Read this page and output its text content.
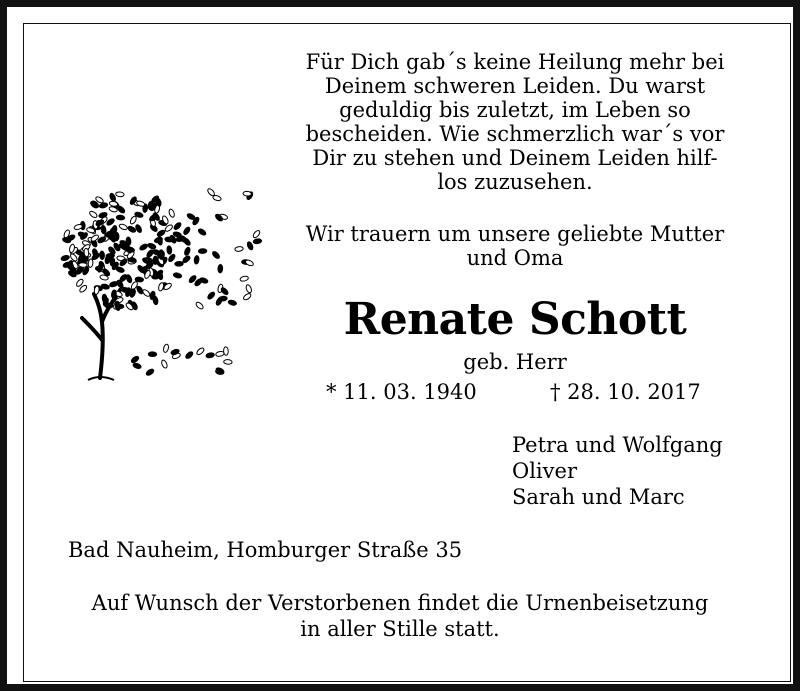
Für Dich gab´s keine Heilung mehr bei
Deinem schweren Leiden. Du warst
geduldig bis zuletzt, im Leben so
bescheiden. Wie schmerzlich war´s vor
Dir zu stehen und Deinem Leiden hilf-
los zuzusehen.
Wir trauern um unsere geliebte Mutter
und Oma
Renate Schott
geb. Herr
* 11. 03. 1940	† 28. 10. 2017
Petra und Wolfgang
Oliver
Sarah und Marc
Bad Nauheim, Homburger Straße 35
Auf Wunsch der Verstorbenen findet die Urnenbeisetzung
in aller Stille statt.
